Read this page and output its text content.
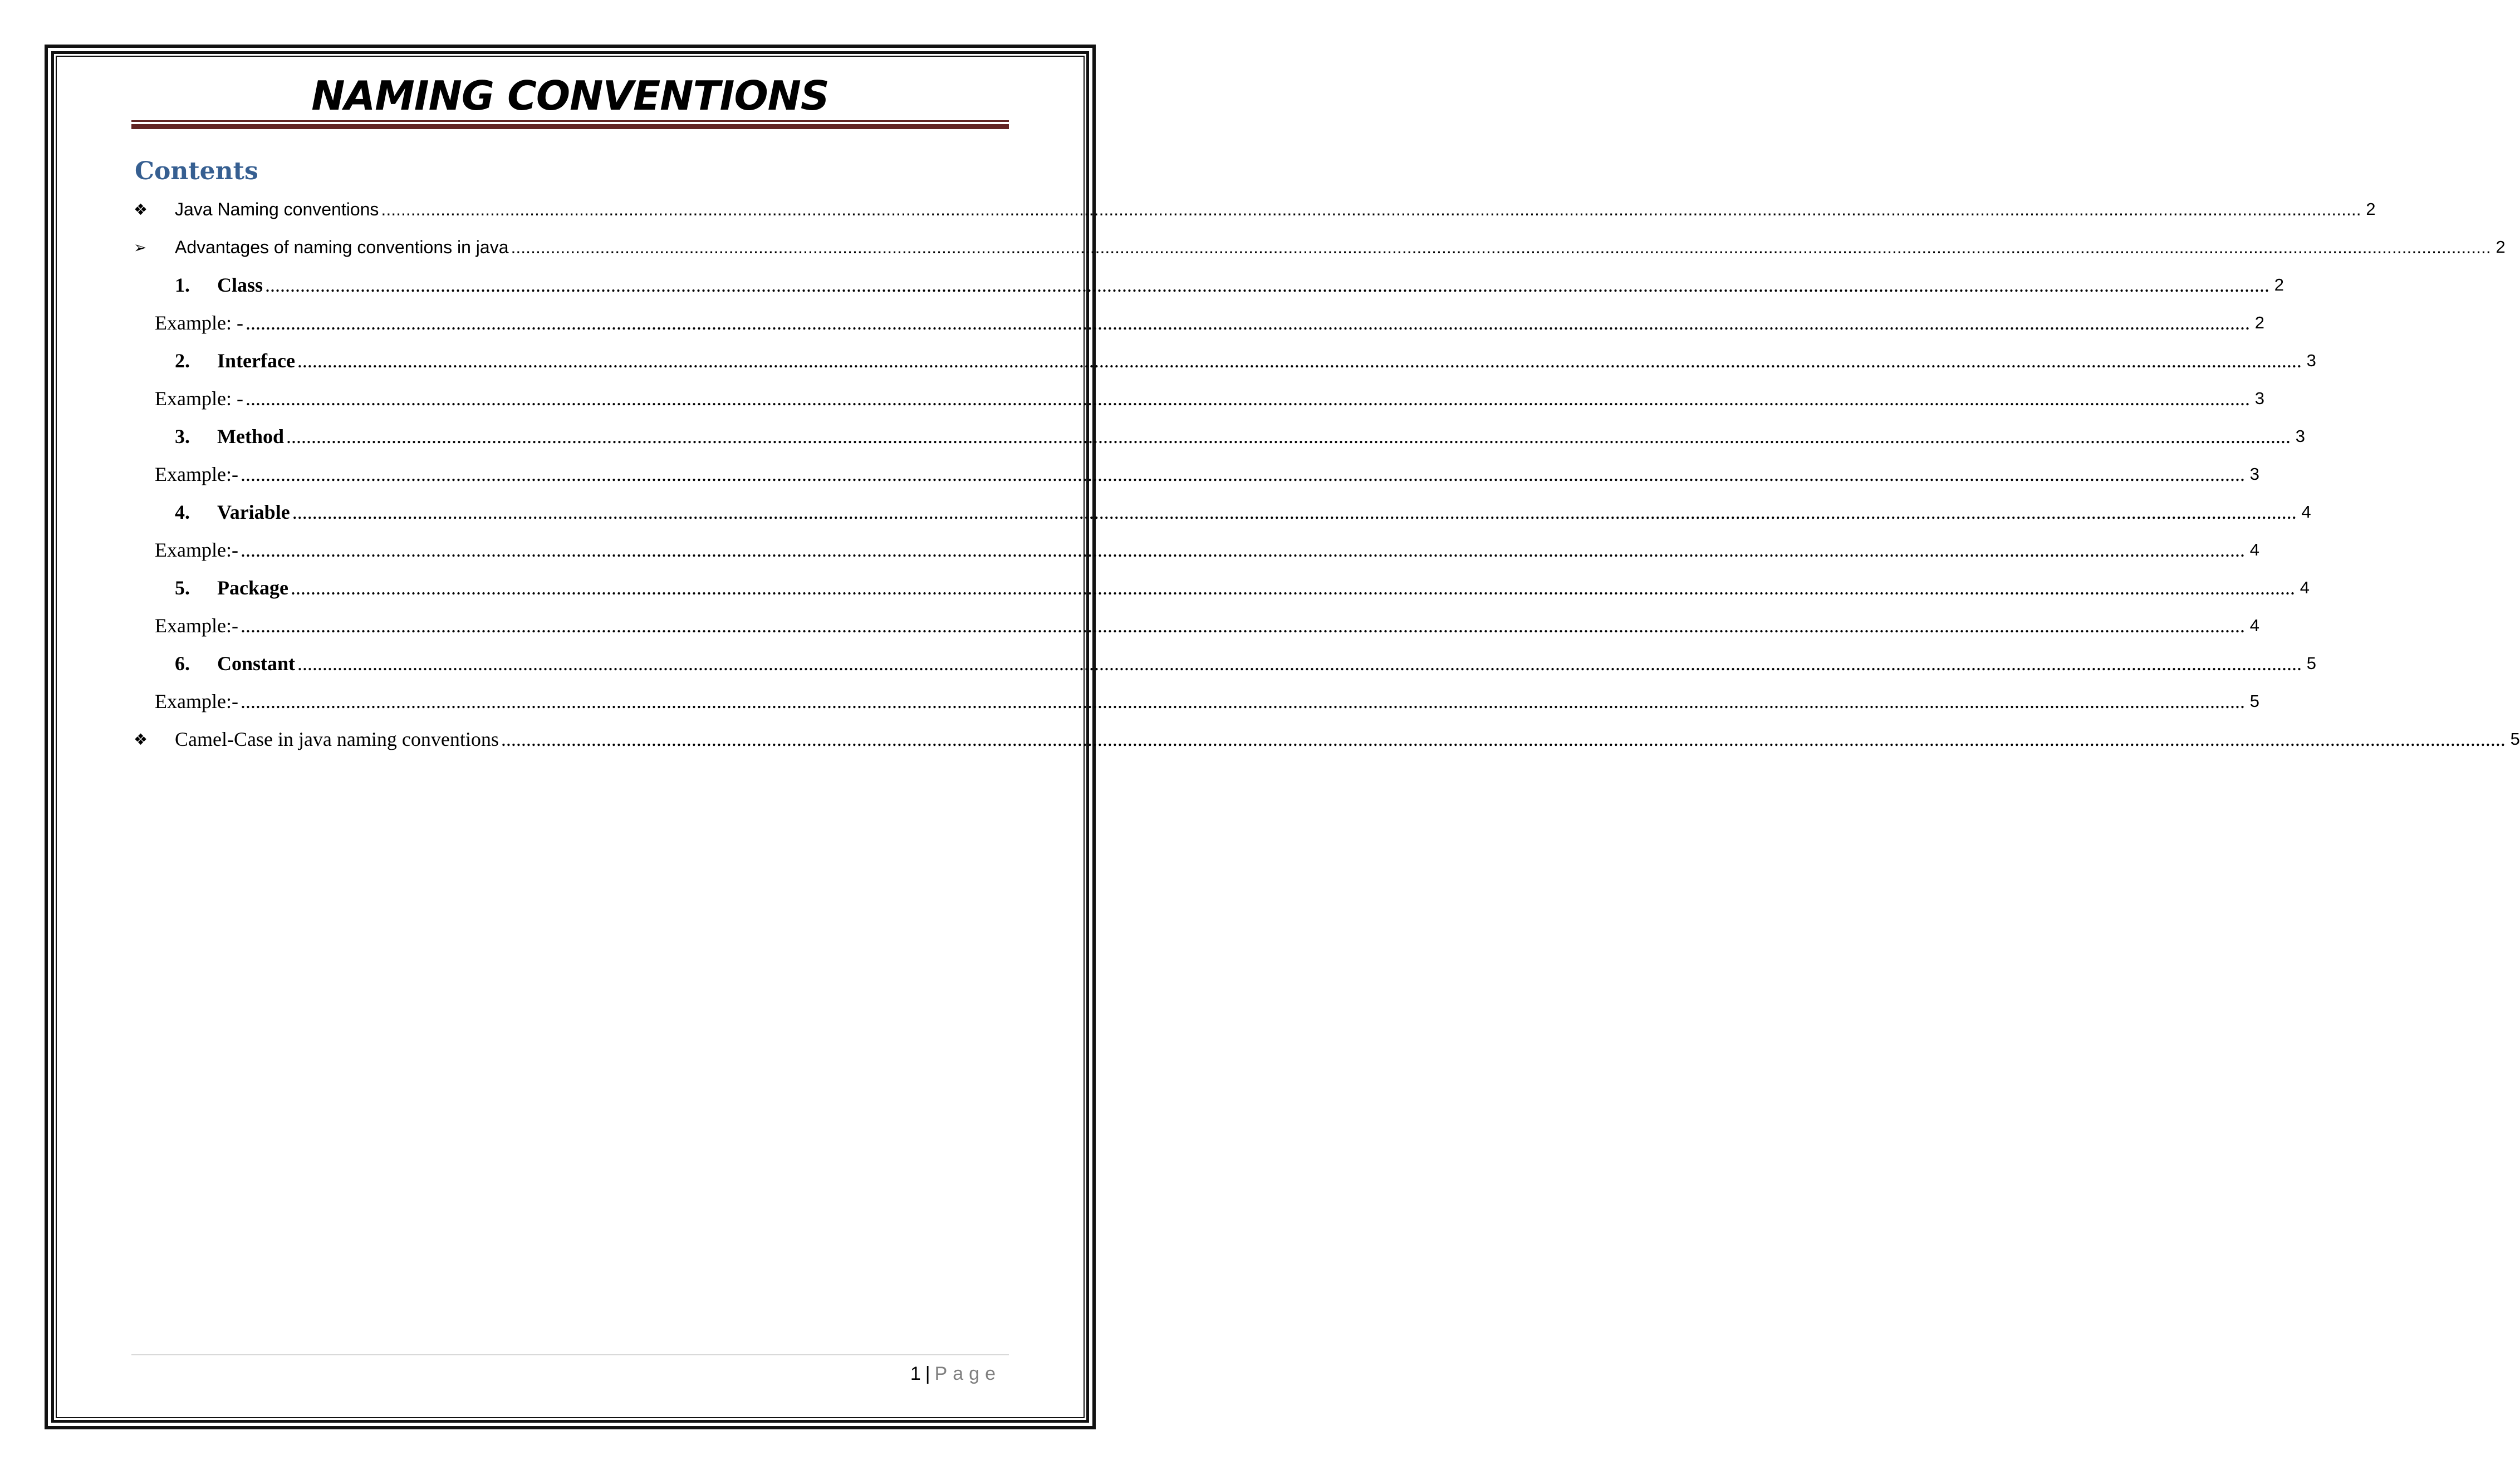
NAMING CONVENTIONS
Contents
❖ Java Naming conventions ................................................................................................................................................................................................................................................................................................................................................................................................................ 2
➢ Advantages of naming conventions in java ................................................................................................................................................................................................................................................................................................................................................................................................................ 2
1. Class ................................................................................................................................................................................................................................................................................................................................................................................................................ 2
Example: - ................................................................................................................................................................................................................................................................................................................................................................................................................ 2
2. Interface ................................................................................................................................................................................................................................................................................................................................................................................................................ 3
Example: - ................................................................................................................................................................................................................................................................................................................................................................................................................ 3
3. Method ................................................................................................................................................................................................................................................................................................................................................................................................................ 3
Example:- ................................................................................................................................................................................................................................................................................................................................................................................................................ 3
4. Variable ................................................................................................................................................................................................................................................................................................................................................................................................................ 4
Example:- ................................................................................................................................................................................................................................................................................................................................................................................................................ 4
5. Package ................................................................................................................................................................................................................................................................................................................................................................................................................ 4
Example:- ................................................................................................................................................................................................................................................................................................................................................................................................................ 4
6. Constant ................................................................................................................................................................................................................................................................................................................................................................................................................ 5
Example:- ................................................................................................................................................................................................................................................................................................................................................................................................................ 5
❖ Camel-Case in java naming conventions ................................................................................................................................................................................................................................................................................................................................................................................................................ 5
1 | Page
